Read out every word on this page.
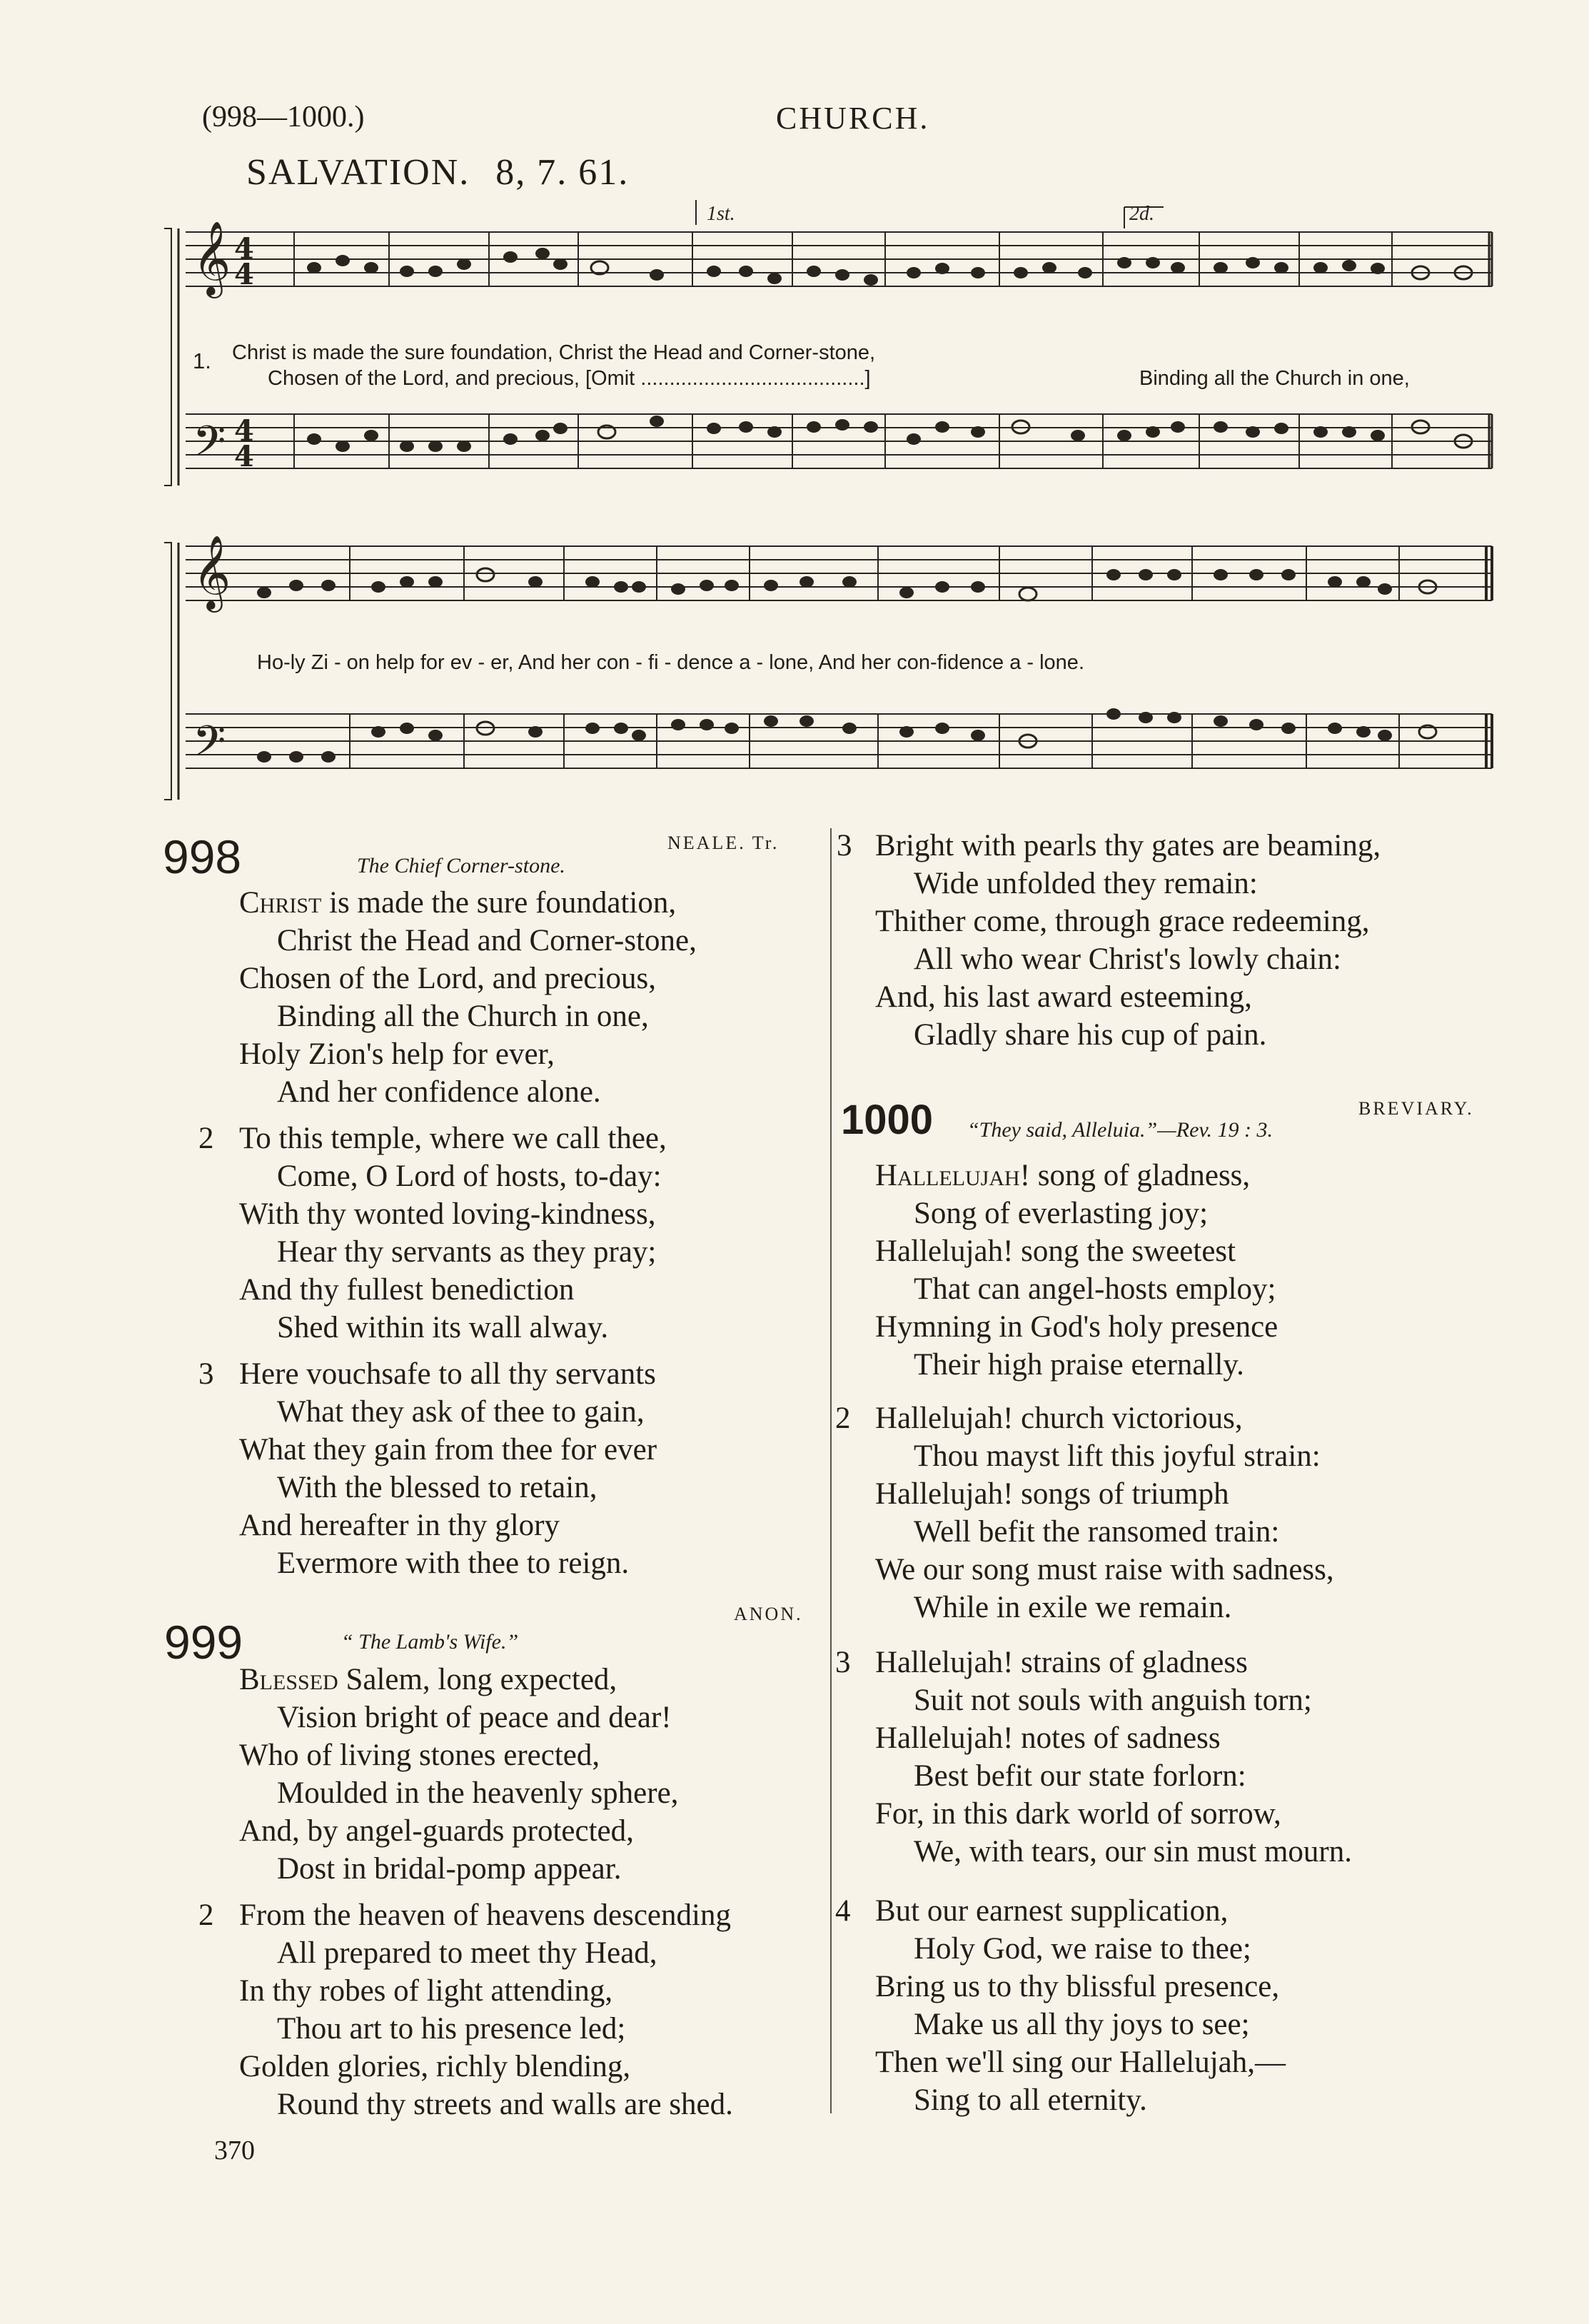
(998—1000.)	CHURCH.
SALVATION. 8, 7. 61.
𝄞
𝄢
4
4
4
4
1st.	2d.
1. Christ is made the sure foundation, Christ the Head and Corner-stone,
Chosen of the Lord, and precious, [Omit .......................................]	Binding all the Church in one,
𝄞
𝄢
Ho-ly Zi - on help for ev - er, And her con - fi - dence a - lone, And her con-fidence a - lone.
998	The Chief Corner-stone.
NEALE. Tr.
Christ is made the sure foundation,
Christ the Head and Corner-stone,
Chosen of the Lord, and precious,
Binding all the Church in one,
Holy Zion's help for ever,
And her confidence alone.
2 To this temple, where we call thee,
Come, O Lord of hosts, to-day:
With thy wonted loving-kindness,
Hear thy servants as they pray;
And thy fullest benediction
Shed within its wall alway.
3 Here vouchsafe to all thy servants
What they ask of thee to gain,
What they gain from thee for ever
With the blessed to retain,
And hereafter in thy glory
Evermore with thee to reign.
ANON.
999	“ The Lamb's Wife.”
Blessed Salem, long expected,
Vision bright of peace and dear!
Who of living stones erected,
Moulded in the heavenly sphere,
And, by angel-guards protected,
Dost in bridal-pomp appear.
2 From the heaven of heavens descending
All prepared to meet thy Head,
In thy robes of light attending,
Thou art to his presence led;
Golden glories, richly blending,
Round thy streets and walls are shed.
3 Bright with pearls thy gates are beaming,
Wide unfolded they remain:
Thither come, through grace redeeming,
All who wear Christ's lowly chain:
And, his last award esteeming,
Gladly share his cup of pain.
BREVIARY.
1000 “They said, Alleluia.”—Rev. 19 : 3.
Hallelujah! song of gladness,
Song of everlasting joy;
Hallelujah! song the sweetest
That can angel-hosts employ;
Hymning in God's holy presence
Their high praise eternally.
2 Hallelujah! church victorious,
Thou mayst lift this joyful strain:
Hallelujah! songs of triumph
Well befit the ransomed train:
We our song must raise with sadness,
While in exile we remain.
3 Hallelujah! strains of gladness
Suit not souls with anguish torn;
Hallelujah! notes of sadness
Best befit our state forlorn:
For, in this dark world of sorrow,
We, with tears, our sin must mourn.
4 But our earnest supplication,
Holy God, we raise to thee;
Bring us to thy blissful presence,
Make us all thy joys to see;
Then we'll sing our Hallelujah,—
Sing to all eternity.
370
